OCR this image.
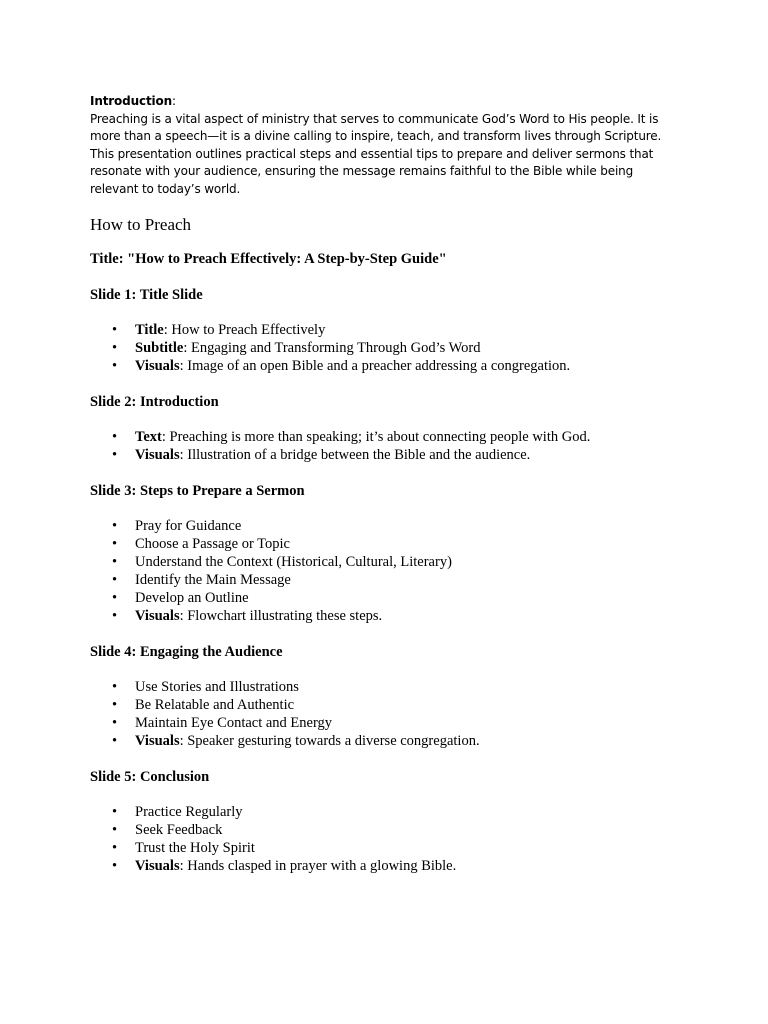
Introduction:
Preaching is a vital aspect of ministry that serves to communicate God’s Word to His people. It is more than a speech—it is a divine calling to inspire, teach, and transform lives through Scripture. This presentation outlines practical steps and essential tips to prepare and deliver sermons that resonate with your audience, ensuring the message remains faithful to the Bible while being relevant to today’s world.
How to Preach
Title: "How to Preach Effectively: A Step-by-Step Guide"
Slide 1: Title Slide
• Title: How to Preach Effectively
• Subtitle: Engaging and Transforming Through God’s Word
• Visuals: Image of an open Bible and a preacher addressing a congregation.
Slide 2: Introduction
• Text: Preaching is more than speaking; it’s about connecting people with God.
• Visuals: Illustration of a bridge between the Bible and the audience.
Slide 3: Steps to Prepare a Sermon
• Pray for Guidance
• Choose a Passage or Topic
• Understand the Context (Historical, Cultural, Literary)
• Identify the Main Message
• Develop an Outline
• Visuals: Flowchart illustrating these steps.
Slide 4: Engaging the Audience
• Use Stories and Illustrations
• Be Relatable and Authentic
• Maintain Eye Contact and Energy
• Visuals: Speaker gesturing towards a diverse congregation.
Slide 5: Conclusion
• Practice Regularly
• Seek Feedback
• Trust the Holy Spirit
• Visuals: Hands clasped in prayer with a glowing Bible.
